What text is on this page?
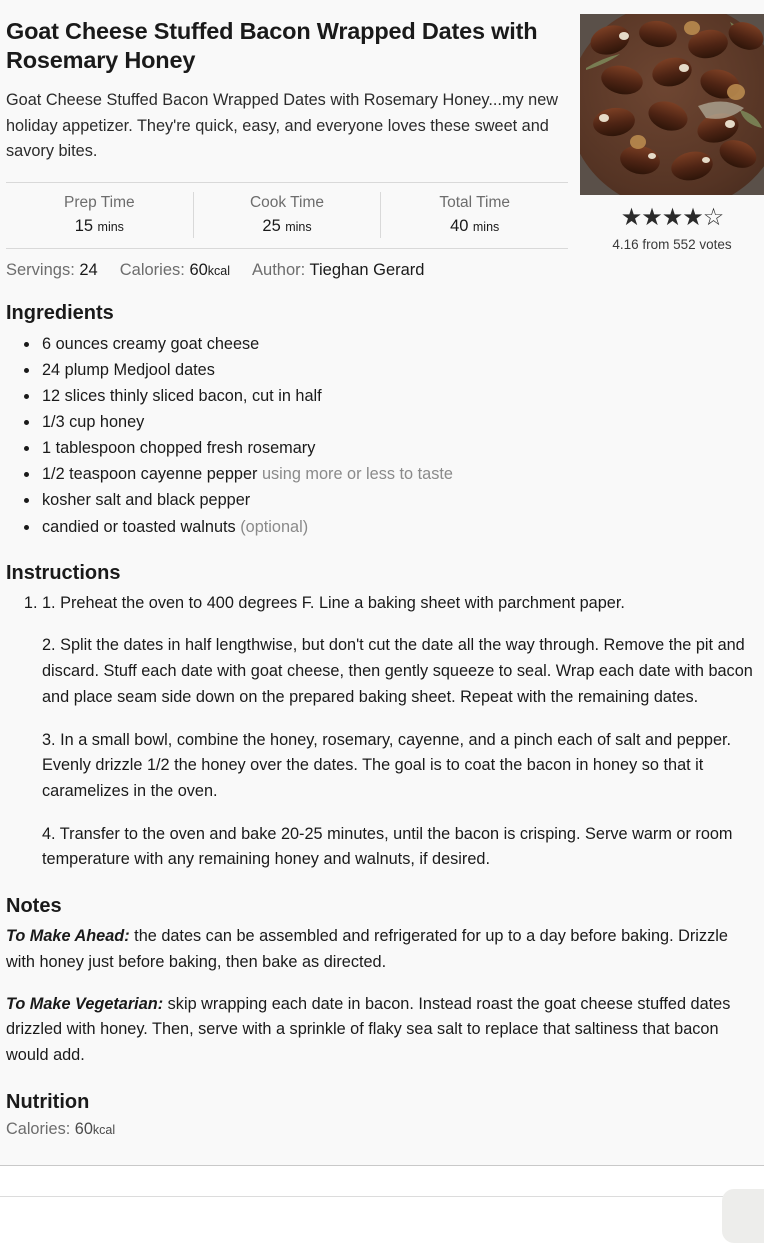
★★★★☆
4.16 from 552 votes
Goat Cheese Stuffed Bacon Wrapped Dates with Rosemary Honey

Goat Cheese Stuffed Bacon Wrapped Dates with Rosemary Honey...my new holiday appetizer. They're quick, easy, and everyone loves these sweet and savory bites.

Prep Time
15 mins
Cook Time
25 mins
Total Time
40 mins
Servings: 24 Calories: 60kcal Author: Tieghan Gerard
Ingredients
• 6 ounces creamy goat cheese
• 24 plump Medjool dates
• 12 slices thinly sliced bacon, cut in half
• 1/3 cup honey
• 1 tablespoon chopped fresh rosemary
• 1/2 teaspoon cayenne pepper using more or less to taste
• kosher salt and black pepper
• candied or toasted walnuts (optional)
Instructions

1. 1. Preheat the oven to 400 degrees F. Line a baking sheet with parchment paper.

2. Split the dates in half lengthwise, but don't cut the date all the way through. Remove the pit and discard. Stuff each date with goat cheese, then gently squeeze to seal. Wrap each date with bacon and place seam side down on the prepared baking sheet. Repeat with the remaining dates.

3. In a small bowl, combine the honey, rosemary, cayenne, and a pinch each of salt and pepper. Evenly drizzle 1/2 the honey over the dates. The goal is to coat the bacon in honey so that it caramelizes in the oven.

4. Transfer to the oven and bake 20-25 minutes, until the bacon is crisping. Serve warm or room temperature with any remaining honey and walnuts, if desired.

Notes

To Make Ahead: the dates can be assembled and refrigerated for up to a day before baking. Drizzle with honey just before baking, then bake as directed.

To Make Vegetarian: skip wrapping each date in bacon. Instead roast the goat cheese stuffed dates drizzled with honey. Then, serve with a sprinkle of flaky sea salt to replace that saltiness that bacon would add.

Nutrition

Calories: 60kcal
